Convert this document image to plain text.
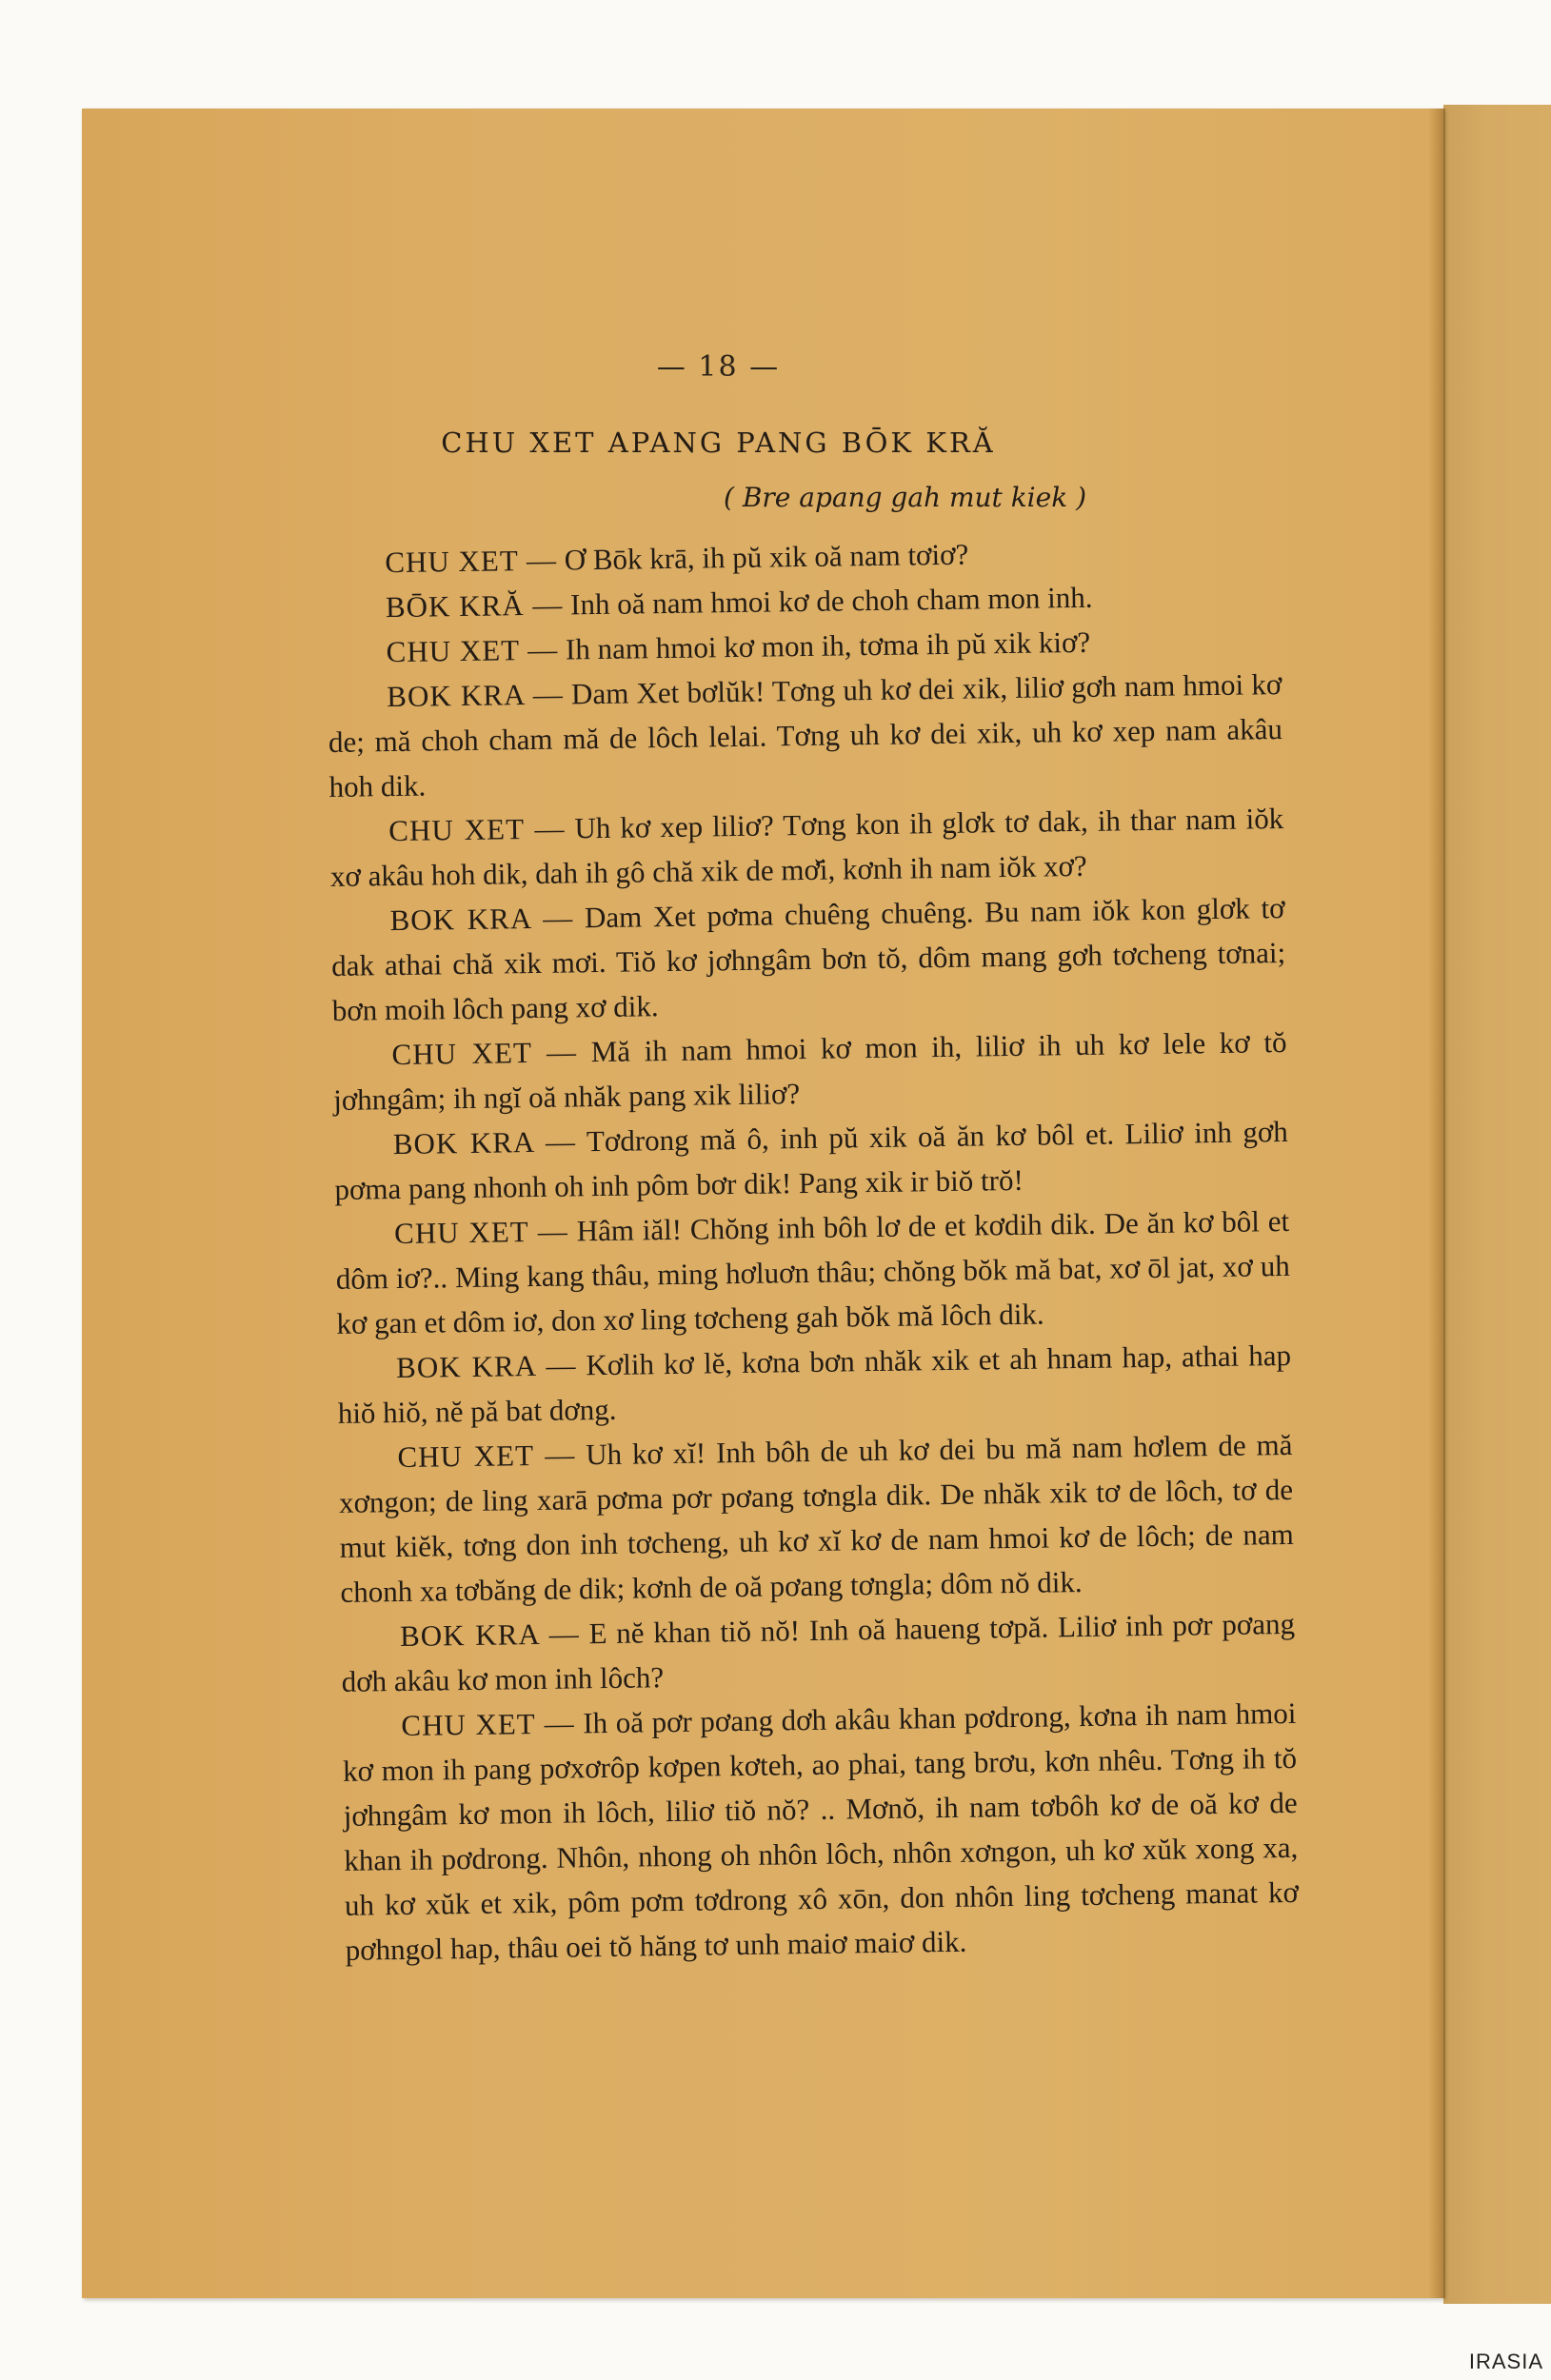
— 18 —
CHU XET APANG PANG BŌK KRĂ
( Bre apang gah mut kiek )

CHU XET — Ơ Bōk krā, ih pŭ xik oă nam tơiơ?

BŌK KRĂ — Inh oă nam hmoi kơ de choh cham mon inh.

CHU XET — Ih nam hmoi kơ mon ih, tơma ih pŭ xik kiơ?

BOK KRA — Dam Xet bơlŭk! Tơng uh kơ dei xik, liliơ gơh nam hmoi kơ de; mă choh cham mă de lôch lelai. Tơng uh kơ dei xik, uh kơ xep nam akâu hoh dik.

CHU XET — Uh kơ xep liliơ? Tơng kon ih glơk tơ dak, ih thar nam iŏk xơ akâu hoh dik, dah ih gô chă xik de mơ̆i, kơnh ih nam iŏk xơ?

BOK KRA — Dam Xet pơma chuêng chuêng. Bu nam iŏk kon glơk tơ dak athai chă xik mơi. Tiŏ kơ jơhngâm bơn tŏ, dôm mang gơh tơcheng tơnai; bơn moih lôch pang xơ dik.

CHU XET — Mă ih nam hmoi kơ mon ih, liliơ ih uh kơ lele kơ tŏ jơhngâm; ih ngĭ oă nhăk pang xik liliơ?

BOK KRA — Tơdrong mă ô, inh pŭ xik oă ăn kơ bôl et. Liliơ inh gơh pơma pang nhonh oh inh pôm bơr dik! Pang xik ir biŏ trŏ!

CHU XET — Hâm iăl! Chŏng inh bôh lơ de et kơdih dik. De ăn kơ bôl et dôm iơ?.. Ming kang thâu, ming hơluơn thâu; chŏng bŏk mă bat, xơ ōl jat, xơ uh kơ gan et dôm iơ, don xơ ling tơcheng gah bŏk mă lôch dik.

BOK KRA — Kơlih kơ lĕ, kơna bơn nhăk xik et ah hnam hap, athai hap hiŏ hiŏ, nĕ pă bat dơng.

CHU XET — Uh kơ xĭ! Inh bôh de uh kơ dei bu mă nam hơlem de mă xơngon; de ling xarā pơma pơr pơang tơngla dik. De nhăk xik tơ de lôch, tơ de mut kiĕk, tơng don inh tơcheng, uh kơ xĭ kơ de nam hmoi kơ de lôch; de nam chonh xa tơbăng de dik; kơnh de oă pơang tơngla; dôm nŏ dik.

BOK KRA — E nĕ khan tiŏ nŏ! Inh oă haueng tơpă. Liliơ inh pơr pơang dơh akâu kơ mon inh lôch?

CHU XET — Ih oă pơr pơang dơh akâu khan pơdrong, kơna ih nam hmoi kơ mon ih pang pơxơrôp kơpen kơteh, ao phai, tang brơu, kơn nhêu. Tơng ih tŏ jơhngâm kơ mon ih lôch, liliơ tiŏ nŏ? .. Mơnŏ, ih nam tơbôh kơ de oă kơ de khan ih pơdrong. Nhôn, nhong oh nhôn lôch, nhôn xơngon, uh kơ xŭk xong xa, uh kơ xŭk et xik, pôm pơm tơdrong xô xōn, don nhôn ling tơcheng manat kơ pơhngol hap, thâu oei tŏ hăng tơ unh maiơ maiơ dik.

IRASIA
